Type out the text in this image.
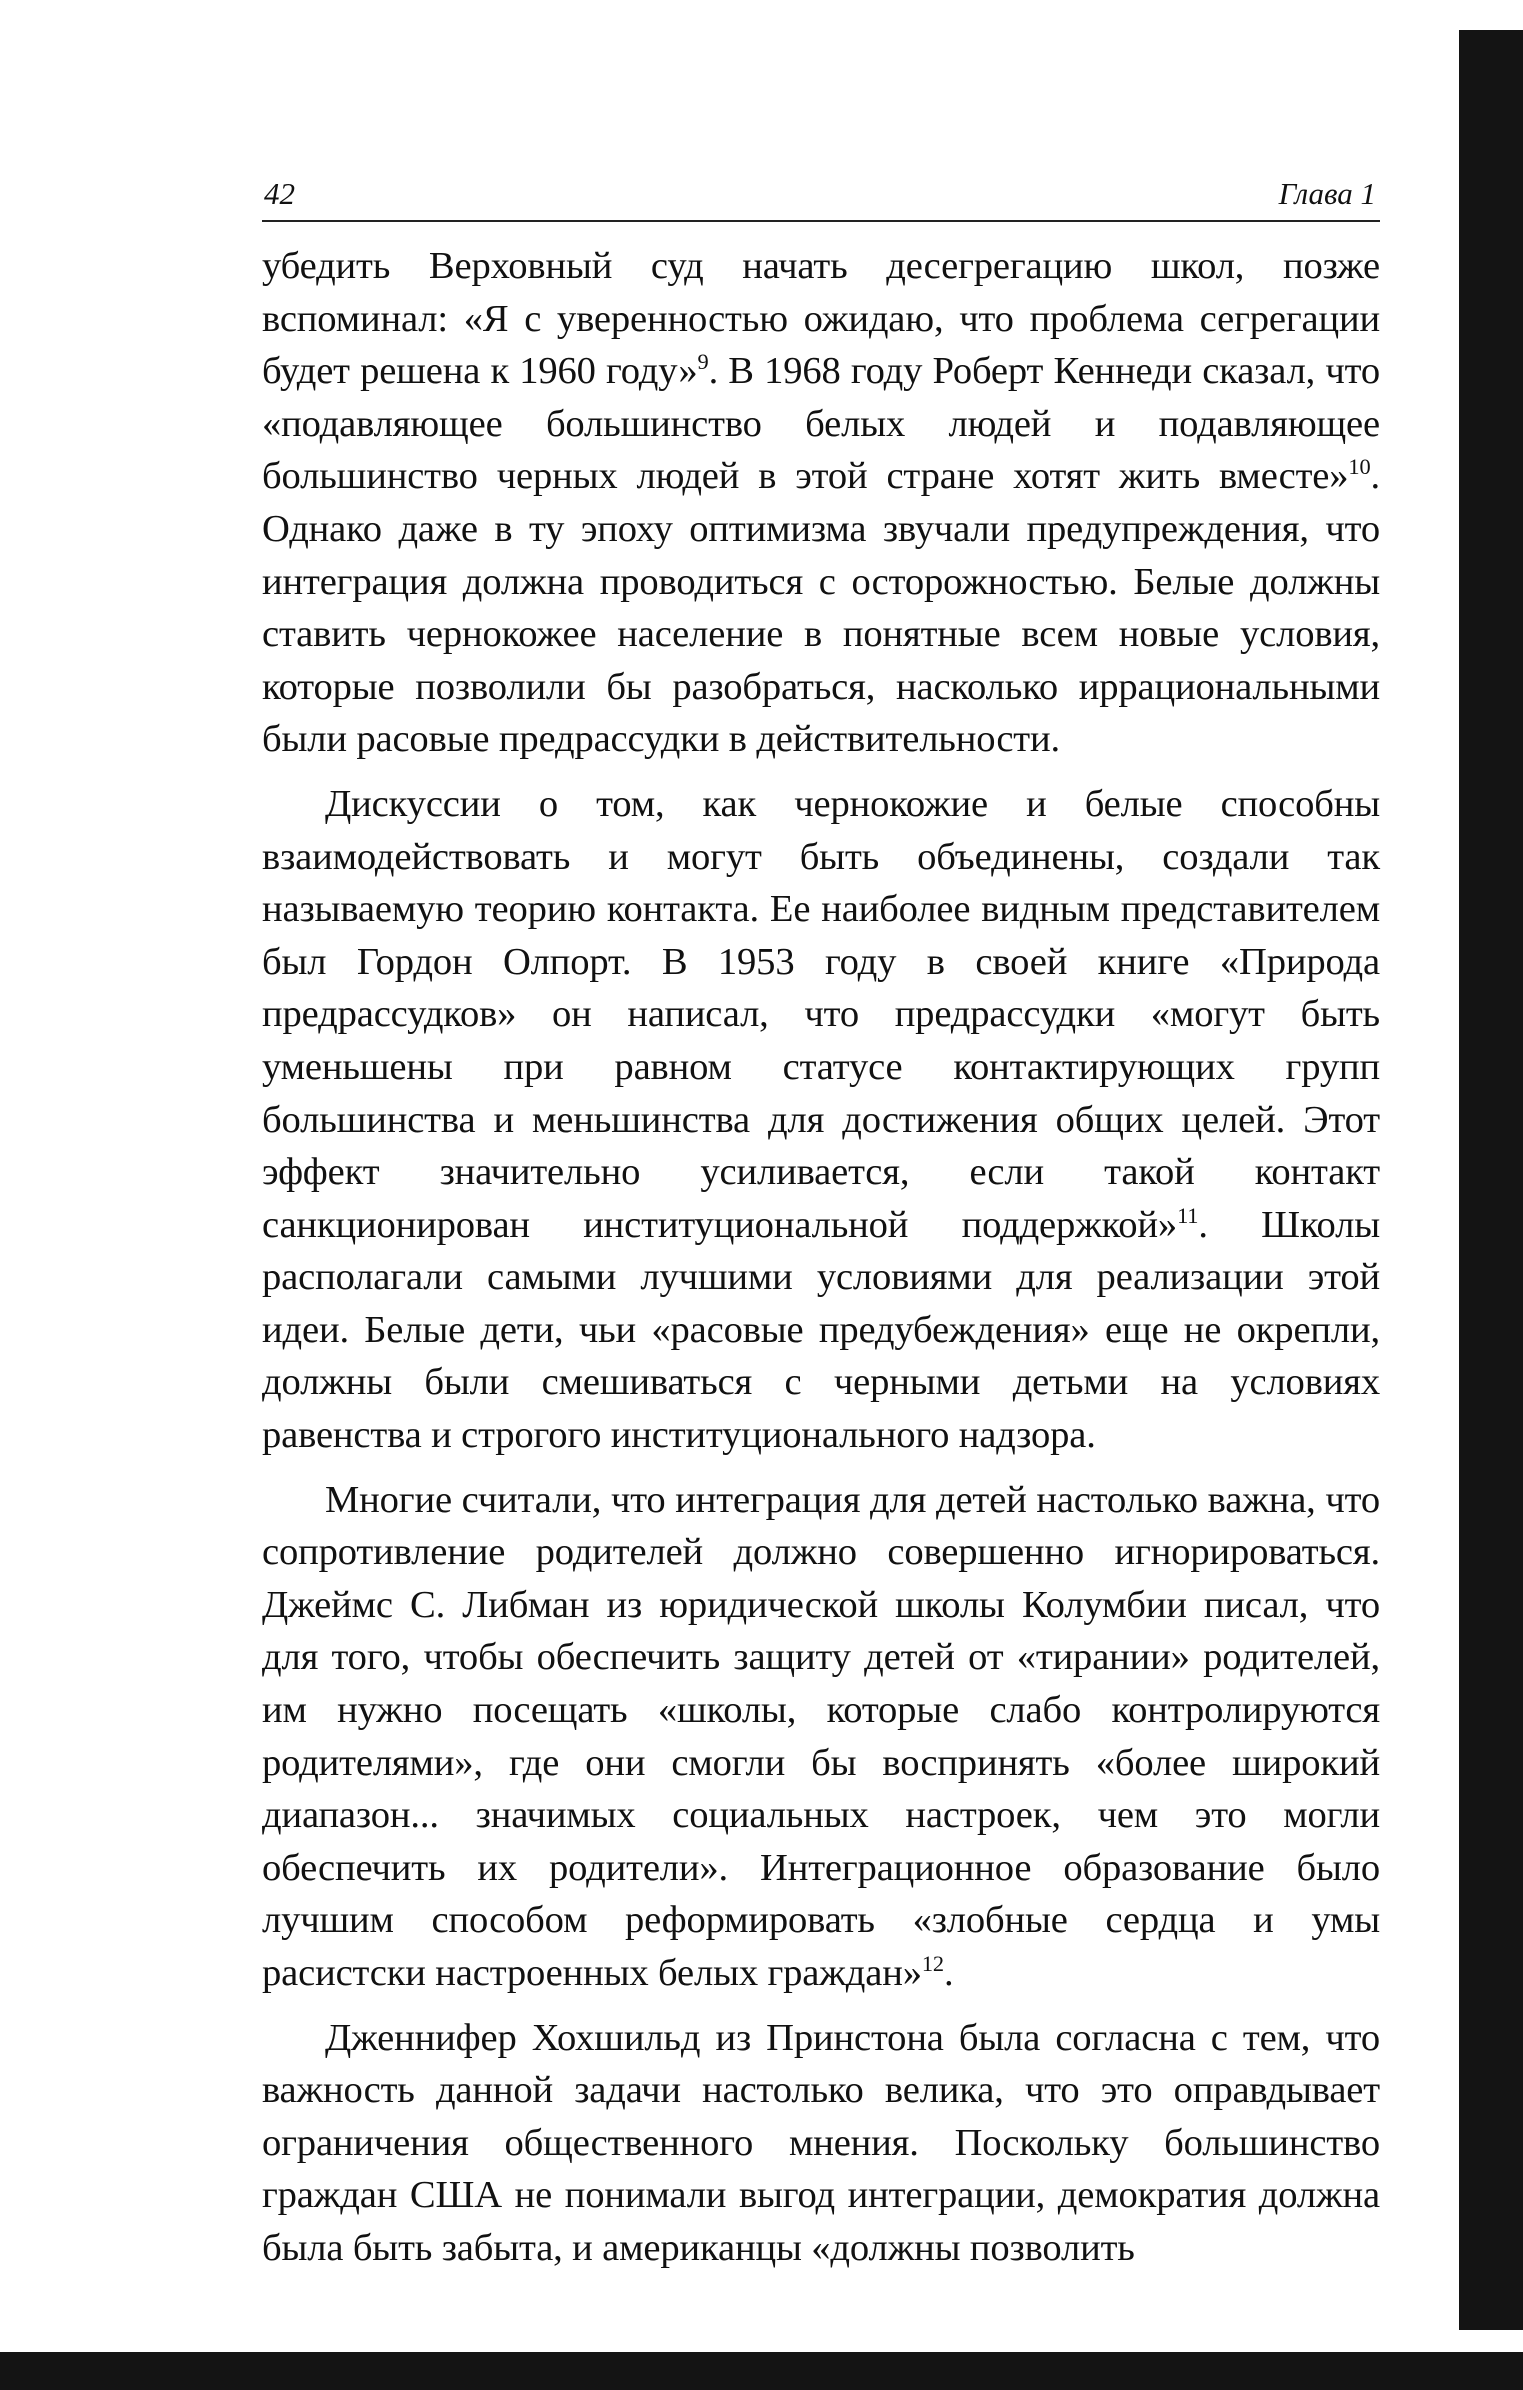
42	Глава 1

убедить Верховный суд начать десегрегацию школ, позже вспоминал: «Я с уверенностью ожидаю, что проблема сегрегации будет решена к 1960 году»$^9$. В 1968 году Роберт Кеннеди сказал, что «подавляющее большинство белых людей и подавляющее большинство черных людей в этой стране хотят жить вместе»$^{10}$. Однако даже в ту эпоху оптимизма звучали предупреждения, что интеграция должна проводиться с осторожностью. Белые должны ставить чернокожее население в понятные всем новые условия, которые позволили бы разобраться, насколько иррациональными были расовые предрассудки в действительности.

Дискуссии о том, как чернокожие и белые способны взаимодействовать и могут быть объединены, создали так называемую теорию контакта. Ее наиболее видным представителем был Гордон Олпорт. В 1953 году в своей книге «Природа предрассудков» он написал, что предрассудки «могут быть уменьшены при равном статусе контактирующих групп большинства и меньшинства для достижения общих целей. Этот эффект значительно усиливается, если такой контакт санкционирован институциональной поддержкой»$^{11}$. Школы располагали самыми лучшими условиями для реализации этой идеи. Белые дети, чьи «расовые предубеждения» еще не окрепли, должны были смешиваться с черными детьми на условиях равенства и строгого институционального надзора.

Многие считали, что интеграция для детей настолько важна, что сопротивление родителей должно совершенно игнорироваться. Джеймс С. Либман из юридической школы Колумбии писал, что для того, чтобы обеспечить защиту детей от «тирании» родителей, им нужно посещать «школы, которые слабо контролируются родителями», где они смогли бы воспринять «более широкий диапазон... значимых социальных настроек, чем это могли обеспечить их родители». Интеграционное образование было лучшим способом реформировать «злобные сердца и умы расистски настроенных белых граждан»$^{12}$.

Дженнифер Хохшильд из Принстона была согласна с тем, что важность данной задачи настолько велика, что это оправдывает ограничения общественного мнения. Поскольку большинство граждан США не понимали выгод интеграции, демократия должна была быть забыта, и американцы «должны позволить
